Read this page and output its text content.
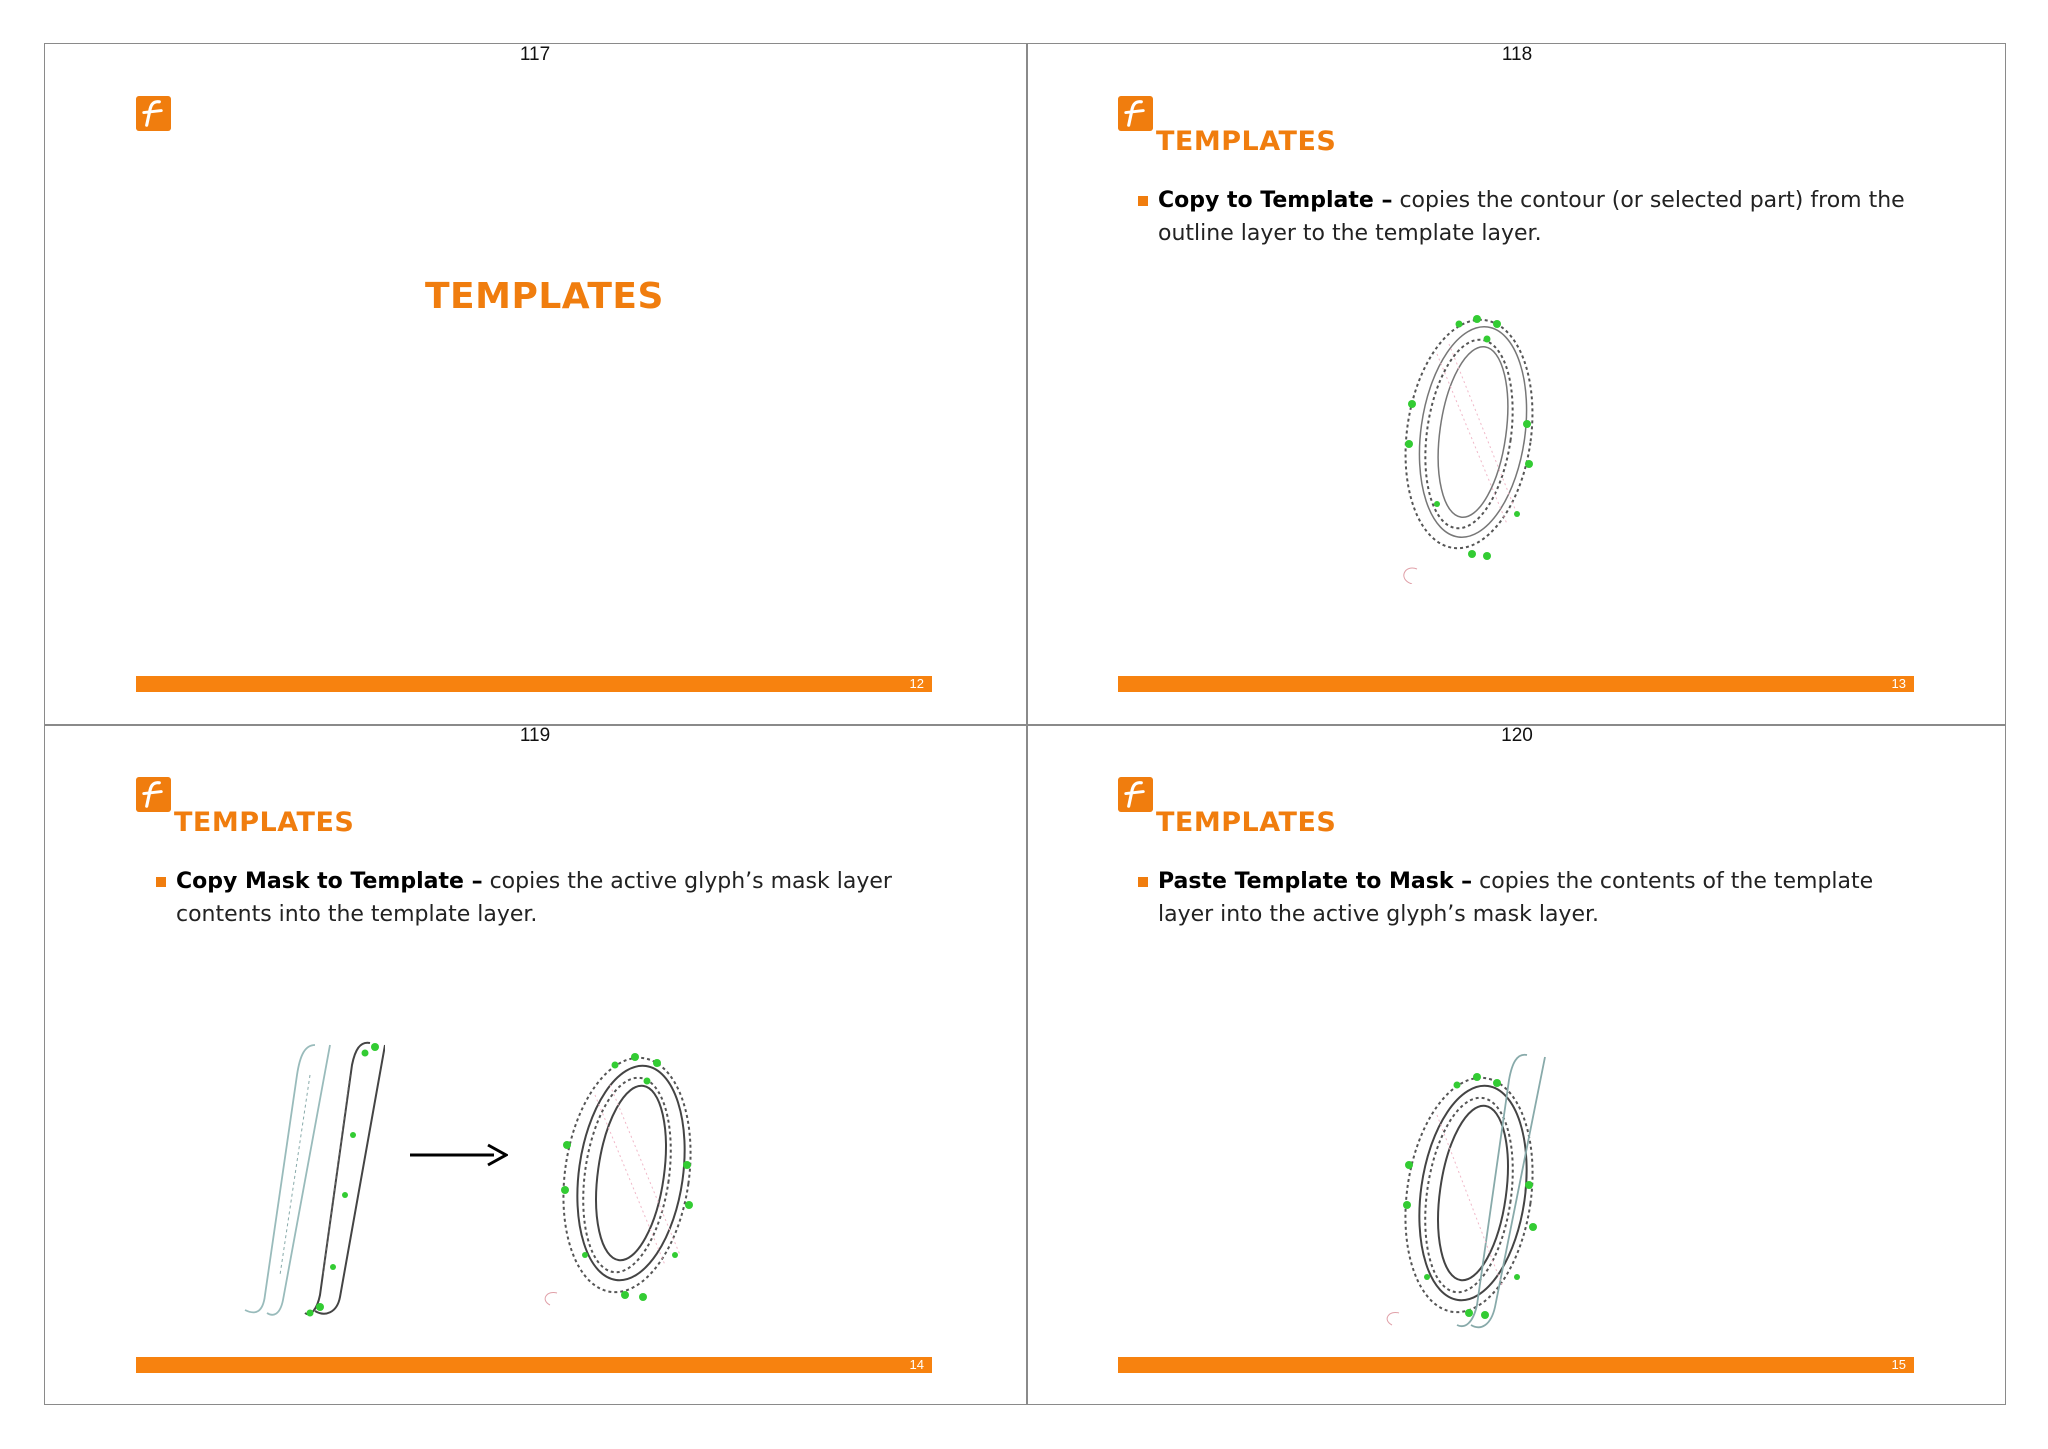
117
TEMPLATES
12
118
TEMPLATES
Copy to Template – copies the contour (or selected part) from the outline layer to the template layer.
13
119
TEMPLATES
Copy Mask to Template – copies the active glyph’s mask layer contents into the template layer.
14
120
TEMPLATES
Paste Template to Mask – copies the contents of the template layer into the active glyph’s mask layer.
15
